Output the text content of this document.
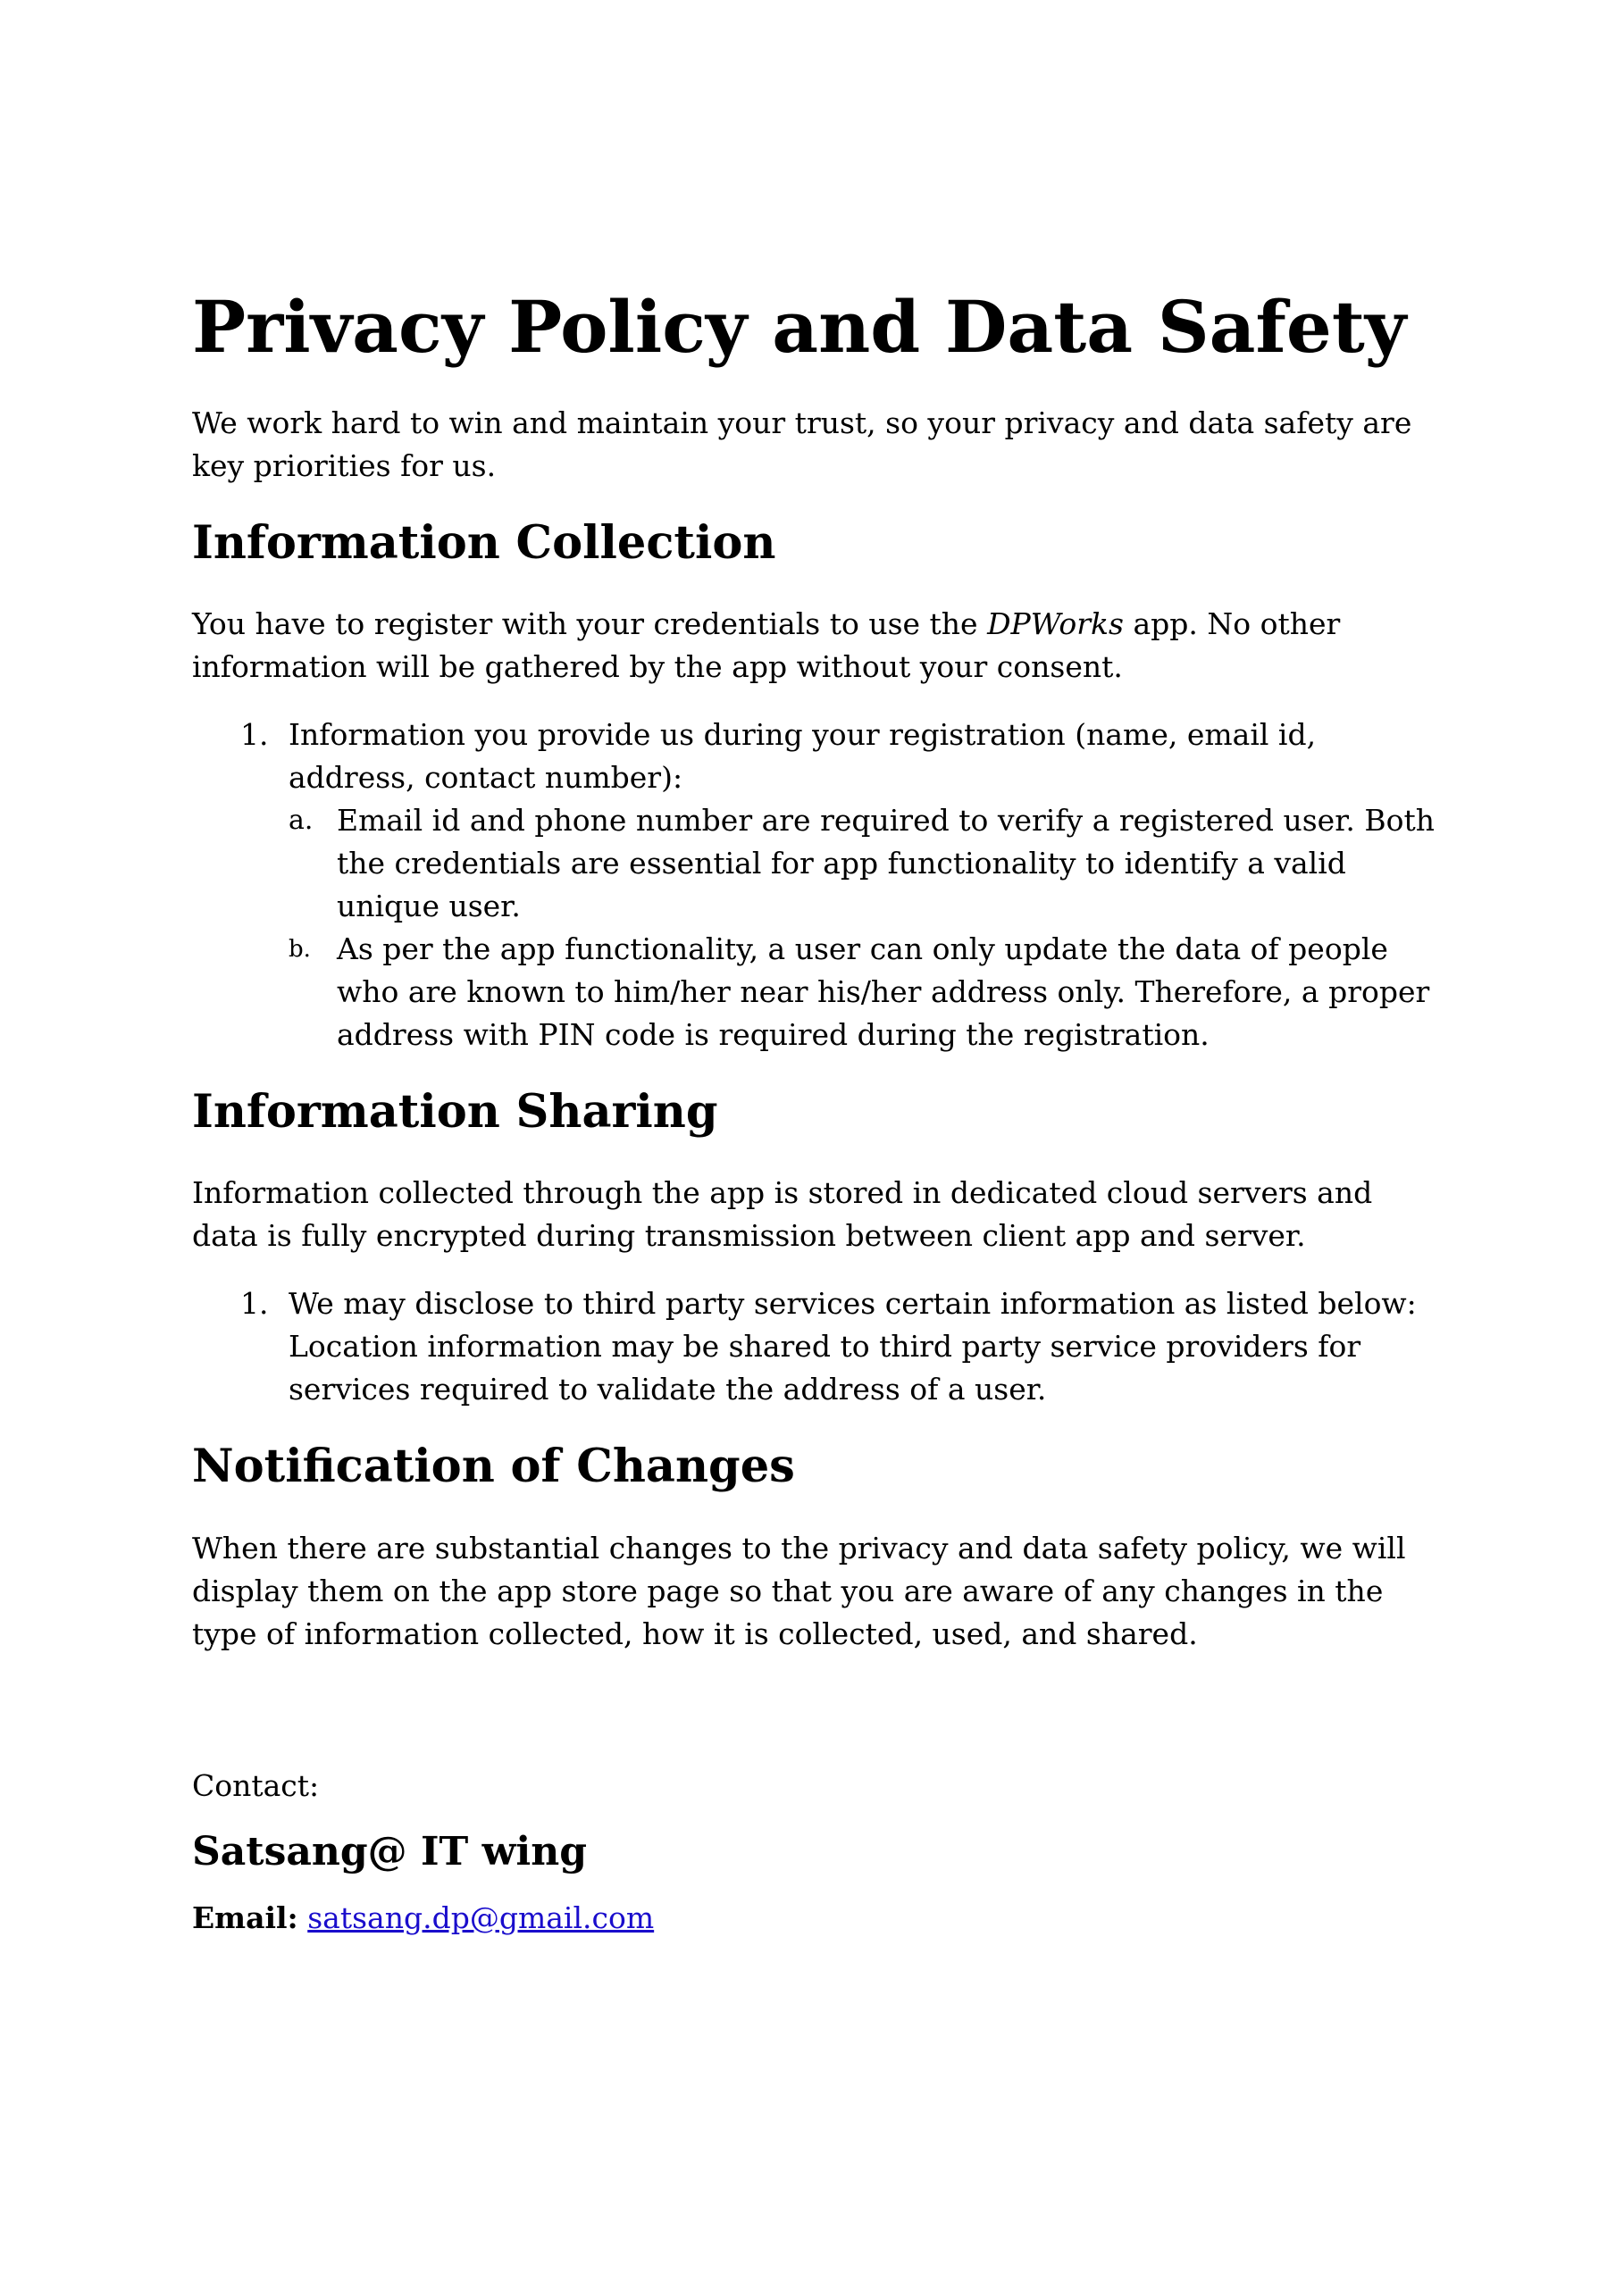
Privacy Policy and Data Safety

We work hard to win and maintain your trust, so your privacy and data safety are key priorities for us.

Information Collection

You have to register with your credentials to use the DPWorks app. No other information will be gathered by the app without your consent.

1. Information you provide us during your registration (name, email id, address, contact number):
a. Email id and phone number are required to verify a registered user. Both the credentials are essential for app functionality to identify a valid unique user.
b. As per the app functionality, a user can only update the data of people who are known to him/her near his/her address only. Therefore, a proper address with PIN code is required during the registration.
Information Sharing

Information collected through the app is stored in dedicated cloud servers and data is fully encrypted during transmission between client app and server.

1. We may disclose to third party services certain information as listed below: Location information may be shared to third party service providers for services required to validate the address of a user.
Notification of Changes

When there are substantial changes to the privacy and data safety policy, we will display them on the app store page so that you are aware of any changes in the type of information collected, how it is collected, used, and shared.

Contact:

Satsang@ IT wing

Email: satsang.dp@gmail.com
